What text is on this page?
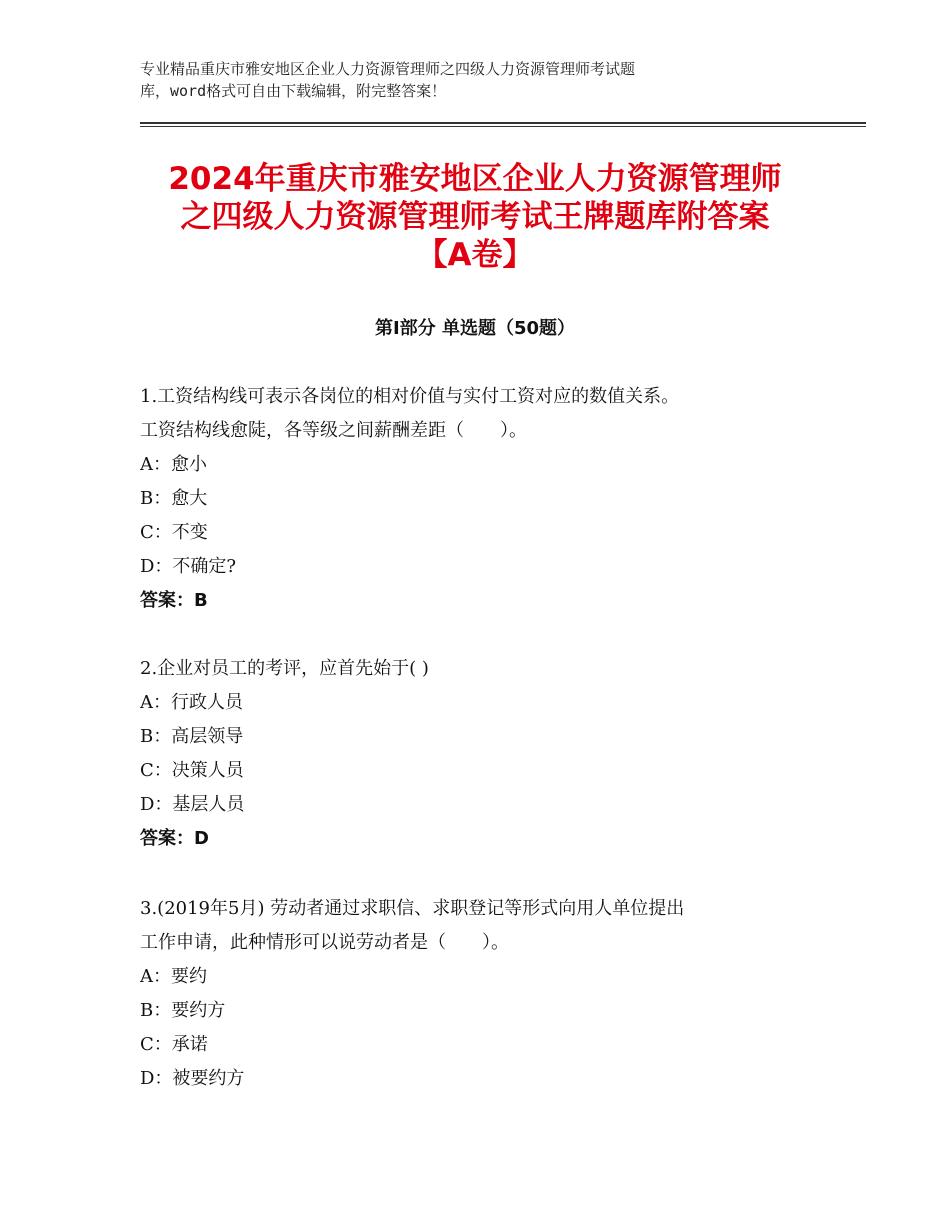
专业精品重庆市雅安地区企业人力资源管理师之四级人力资源管理师考试题
库，word格式可自由下载编辑，附完整答案！
2024年重庆市雅安地区企业人力资源管理师
之四级人力资源管理师考试王牌题库附答案
【A卷】
第Ⅰ部分 单选题（50题）
1.工资结构线可表示各岗位的相对价值与实付工资对应的数值关系。
工资结构线愈陡，各等级之间薪酬差距（　　）。
A：愈小
B：愈大
C：不变
D：不确定?
答案：B
2.企业对员工的考评，应首先始于( )
A：行政人员
B：高层领导
C：决策人员
D：基层人员
答案：D
3.(2019年5月) 劳动者通过求职信、求职登记等形式向用人单位提出
工作申请，此种情形可以说劳动者是（　　）。
A：要约
B：要约方
C：承诺
D：被要约方
